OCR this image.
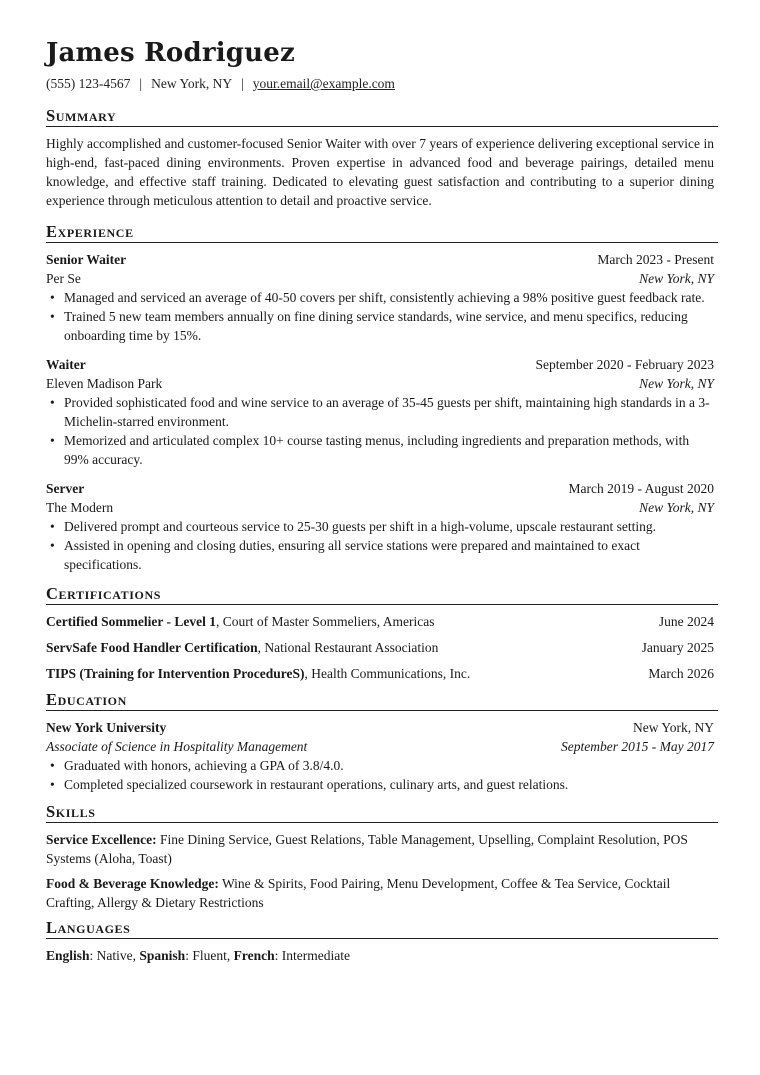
James Rodriguez
(555) 123-4567 | New York, NY | your.email@example.com
Summary

Highly accomplished and customer-focused Senior Waiter with over 7 years of experience delivering exceptional service in high-end, fast-paced dining environments. Proven expertise in advanced food and beverage pairings, detailed menu knowledge, and effective staff training. Dedicated to elevating guest satisfaction and contributing to a superior dining experience through meticulous attention to detail and proactive service.

Experience
Senior Waiter	March 2023 - Present
Per Se	New York, NY
• Managed and serviced an average of 40-50 covers per shift, consistently achieving a 98% positive guest feedback rate.
• Trained 5 new team members annually on fine dining service standards, wine service, and menu specifics, reducing onboarding time by 15%.
Waiter	September 2020 - February 2023
Eleven Madison Park	New York, NY
• Provided sophisticated food and wine service to an average of 35-45 guests per shift, maintaining high standards in a 3-Michelin-starred environment.
• Memorized and articulated complex 10+ course tasting menus, including ingredients and preparation methods, with 99% accuracy.
Server	March 2019 - August 2020
The Modern	New York, NY
• Delivered prompt and courteous service to 25-30 guests per shift in a high-volume, upscale restaurant setting.
• Assisted in opening and closing duties, ensuring all service stations were prepared and maintained to exact specifications.
Certifications
Certified Sommelier - Level 1, Court of Master Sommeliers, Americas	June 2024
ServSafe Food Handler Certification, National Restaurant Association	January 2025
TIPS (Training for Intervention ProcedureS), Health Communications, Inc.	March 2026
Education
New York University	New York, NY
Associate of Science in Hospitality Management	September 2015 - May 2017
• Graduated with honors, achieving a GPA of 3.8/4.0.
• Completed specialized coursework in restaurant operations, culinary arts, and guest relations.
Skills
Service Excellence: Fine Dining Service, Guest Relations, Table Management, Upselling, Complaint Resolution, POS Systems (Aloha, Toast)
Food & Beverage Knowledge: Wine & Spirits, Food Pairing, Menu Development, Coffee & Tea Service, Cocktail Crafting, Allergy & Dietary Restrictions
Languages
English: Native, Spanish: Fluent, French: Intermediate
